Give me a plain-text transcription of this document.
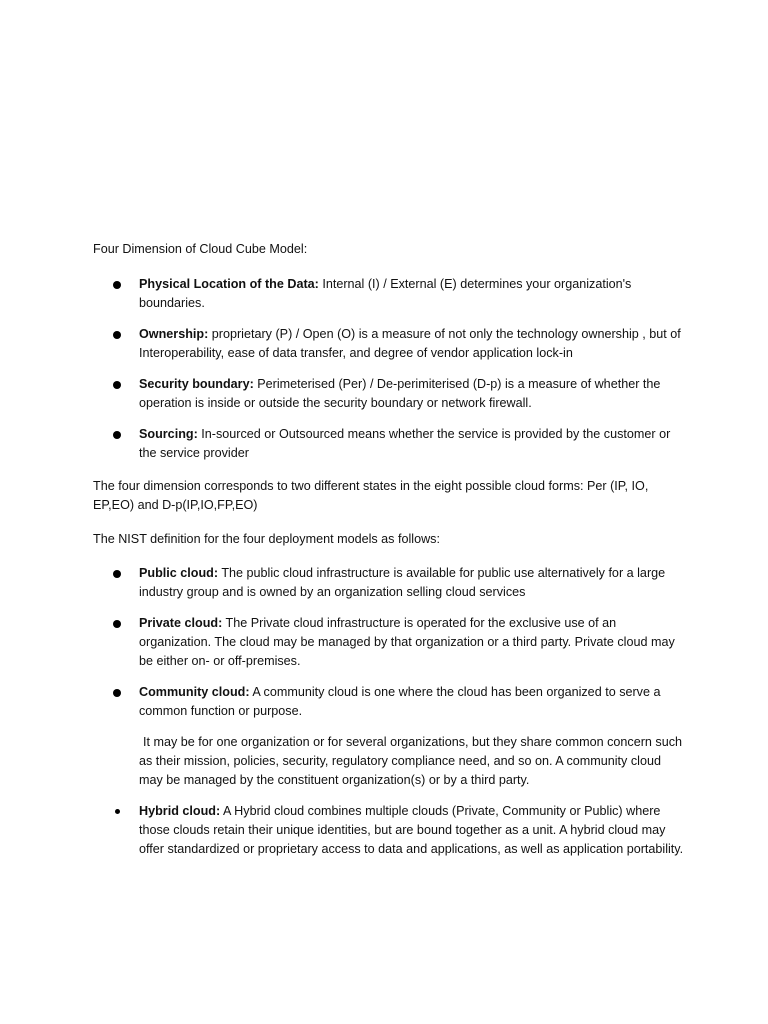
Four Dimension of Cloud Cube Model:

Physical Location of the Data: Internal (I) / External (E) determines your organization's boundaries.
Ownership: proprietary (P) / Open (O) is a measure of not only the technology ownership , but of Interoperability, ease of data transfer, and degree of vendor application lock-in
Security boundary: Perimeterised (Per) / De-perimiterised (D-p) is a measure of whether the operation is inside or outside the security boundary or network firewall.
Sourcing: In-sourced or Outsourced means whether the service is provided by the customer or the service provider

The four dimension corresponds to two different states in the eight possible cloud forms: Per (IP, IO, EP,EO) and D-p(IP,IO,FP,EO)

The NIST definition for the four deployment models as follows:

Public cloud: The public cloud infrastructure is available for public use alternatively for a large industry group and is owned by an organization selling cloud services
Private cloud: The Private cloud infrastructure is operated for the exclusive use of an organization. The cloud may be managed by that organization or a third party. Private cloud may be either on- or off-premises.
Community cloud: A community cloud is one where the cloud has been organized to serve a common function or purpose.

It may be for one organization or for several organizations, but they share common concern such as their mission, policies, security, regulatory compliance need, and so on. A community cloud may be managed by the constituent organization(s) or by a third party.

Hybrid cloud: A Hybrid cloud combines multiple clouds (Private, Community or Public) where those clouds retain their unique identities, but are bound together as a unit. A hybrid cloud may offer standardized or proprietary access to data and applications, as well as application portability.
